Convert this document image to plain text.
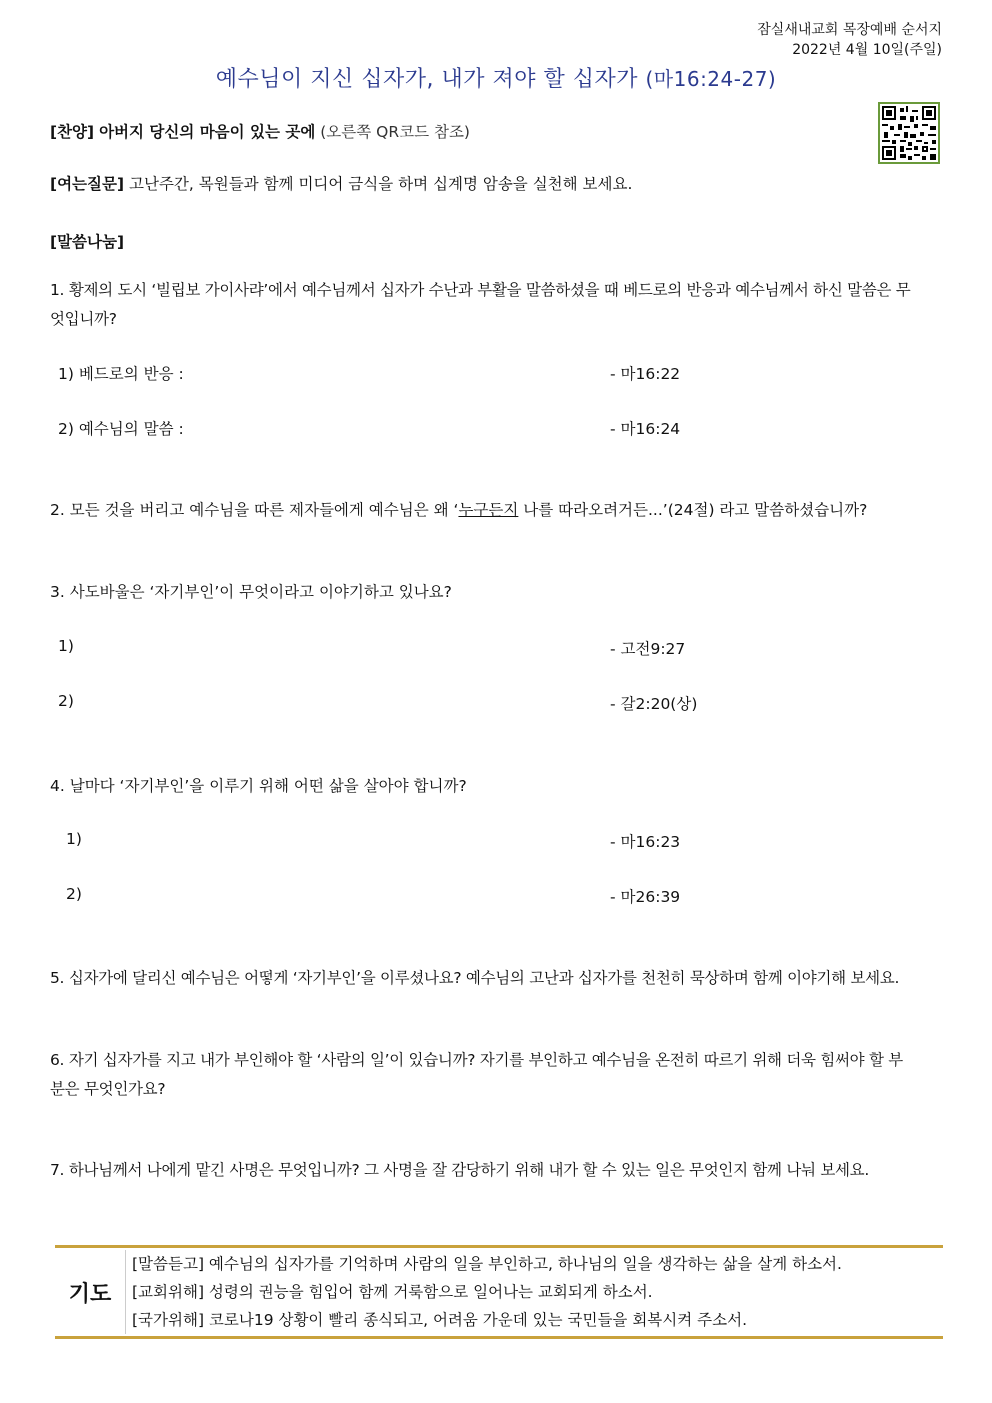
잠실새내교회 목장예배 순서지
2022년 4월 10일(주일)
예수님이 지신 십자가, 내가 져야 할 십자가 (마16:24-27)
[찬양] 아버지 당신의 마음이 있는 곳에 (오른쪽 QR코드 참조)
[여는질문] 고난주간, 목원들과 함께 미디어 금식을 하며 십계명 암송을 실천해 보세요.
[말씀나눔]
1. 황제의 도시 ‘빌립보 가이사랴’에서 예수님께서 십자가 수난과 부활을 말씀하셨을 때 베드로의 반응과 예수님께서 하신 말씀은 무
엇입니까?
1) 베드로의 반응 :	- 마16:22
2) 예수님의 말씀 :	- 마16:24
2. 모든 것을 버리고 예수님을 따른 제자들에게 예수님은 왜 ‘누구든지 나를 따라오려거든...’(24절) 라고 말씀하셨습니까?
3. 사도바울은 ‘자기부인’이 무엇이라고 이야기하고 있나요?
1)	- 고전9:27
2)	- 갈2:20(상)
4. 날마다 ‘자기부인’을 이루기 위해 어떤 삶을 살아야 합니까?
1)	- 마16:23
2)	- 마26:39
5. 십자가에 달리신 예수님은 어떻게 ‘자기부인’을 이루셨나요? 예수님의 고난과 십자가를 천천히 묵상하며 함께 이야기해 보세요.
6. 자기 십자가를 지고 내가 부인해야 할 ‘사람의 일’이 있습니까? 자기를 부인하고 예수님을 온전히 따르기 위해 더욱 힘써야 할 부
분은 무엇인가요?
7. 하나님께서 나에게 맡긴 사명은 무엇입니까? 그 사명을 잘 감당하기 위해 내가 할 수 있는 일은 무엇인지 함께 나눠 보세요.
기도
[말씀듣고] 예수님의 십자가를 기억하며 사람의 일을 부인하고, 하나님의 일을 생각하는 삶을 살게 하소서.
[교회위해] 성령의 권능을 힘입어 함께 거룩함으로 일어나는 교회되게 하소서.
[국가위해] 코로나19 상황이 빨리 종식되고, 어려움 가운데 있는 국민들을 회복시켜 주소서.
